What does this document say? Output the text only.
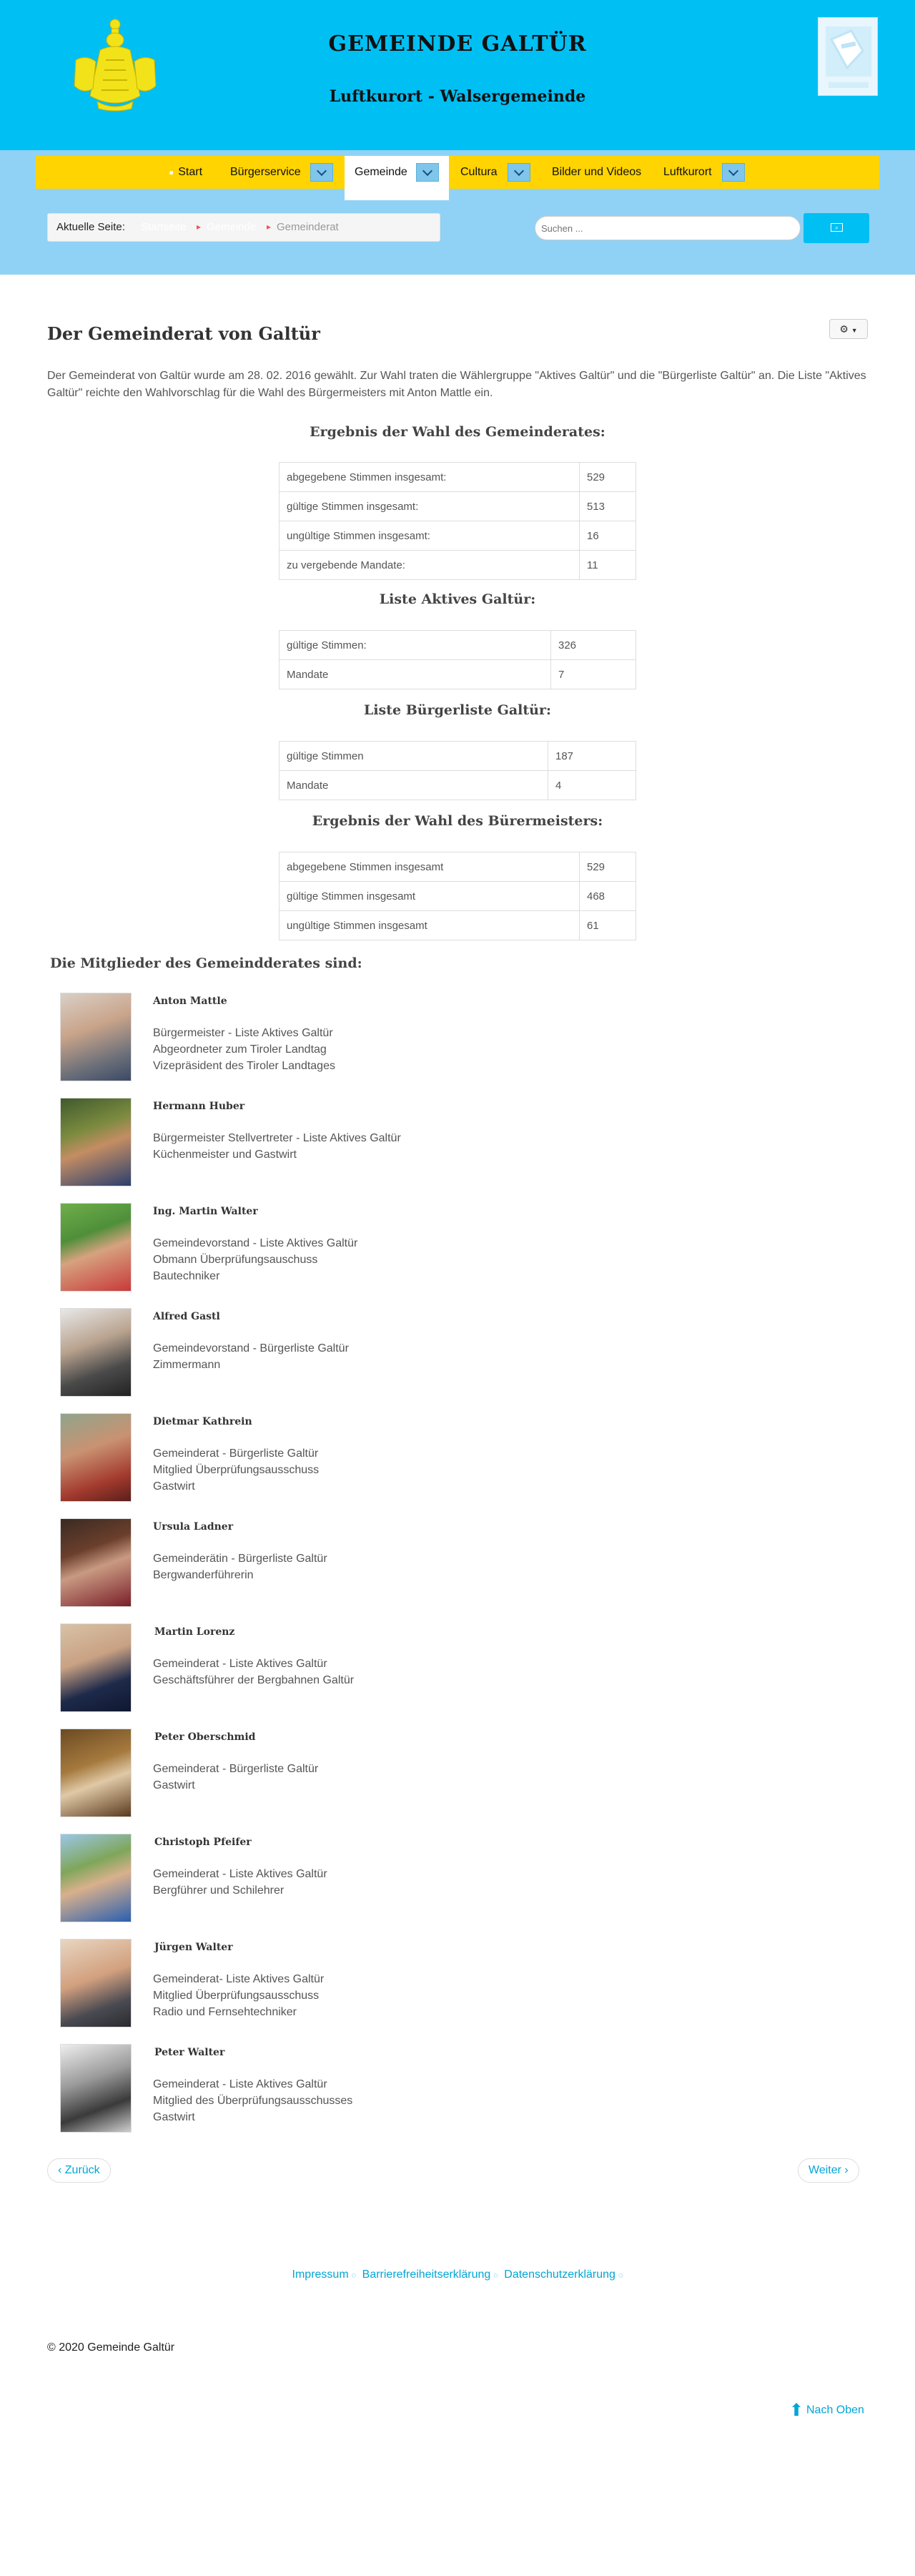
GEMEINDE GALTÜR
Luftkurort - Walsergemeinde
● Start Bürgerservice	Gemeinde	Cultura	Bilder und Videos Luftkurort
Aktuelle Seite: Startseite ▸ Gemeinde ▸ Gemeinderat
Suchen ...	⌕
Der Gemeinderat von Galtür	⚙ ▼

Der Gemeinderat von Galtür wurde am 28. 02. 2016 gewählt. Zur Wahl traten die Wählergruppe "Aktives Galtür" und die "Bürgerliste Galtür" an. Die Liste "Aktives Galtür" reichte den Wahlvorschlag für die Wahl des Bürgermeisters mit Anton Mattle ein.

Ergebnis der Wahl des Gemeinderates:
abgegebene Stimmen insgesamt:	529
gültige Stimmen insgesamt:	513
ungültige Stimmen insgesamt:	16
zu vergebende Mandate:	11
Liste Aktives Galtür:
gültige Stimmen:	326
Mandate	7
Liste Bürgerliste Galtür:
gültige Stimmen	187
Mandate	4
Ergebnis der Wahl des Bürermeisters:
abgegebene Stimmen insgesamt	529
gültige Stimmen insgesamt	468
ungültige Stimmen insgesamt	61
Die Mitglieder des Gemeindderates sind:
Anton Mattle
Bürgermeister - Liste Aktives Galtür
Abgeordneter zum Tiroler Landtag
Vizepräsident des Tiroler Landtages
Hermann Huber
Bürgermeister Stellvertreter - Liste Aktives Galtür
Küchenmeister und Gastwirt
Ing. Martin Walter
Gemeindevorstand - Liste Aktives Galtür
Obmann Überprüfungsauschuss
Bautechniker
Alfred Gastl
Gemeindevorstand - Bürgerliste Galtür
Zimmermann
Dietmar Kathrein
Gemeinderat - Bürgerliste Galtür
Mitglied Überprüfungsausschuss
Gastwirt
Ursula Ladner
Gemeinderätin - Bürgerliste Galtür
Bergwanderführerin
Martin Lorenz
Gemeinderat - Liste Aktives Galtür
Geschäftsführer der Bergbahnen Galtür
Peter Oberschmid
Gemeinderat - Bürgerliste Galtür
Gastwirt
Christoph Pfeifer
Gemeinderat - Liste Aktives Galtür
Bergführer und Schilehrer
Jürgen Walter
Gemeinderat- Liste Aktives Galtür
Mitglied Überprüfungsausschuss
Radio und Fernsehtechniker
Peter Walter
Gemeinderat - Liste Aktives Galtür
Mitglied des Überprüfungsausschusses
Gastwirt
‹ Zurück	Weiter ›
Impressum ◌ Barrierefreiheitserklärung ◌ Datenschutzerklärung ◌
© 2020 Gemeinde Galtür
⬆ Nach Oben
